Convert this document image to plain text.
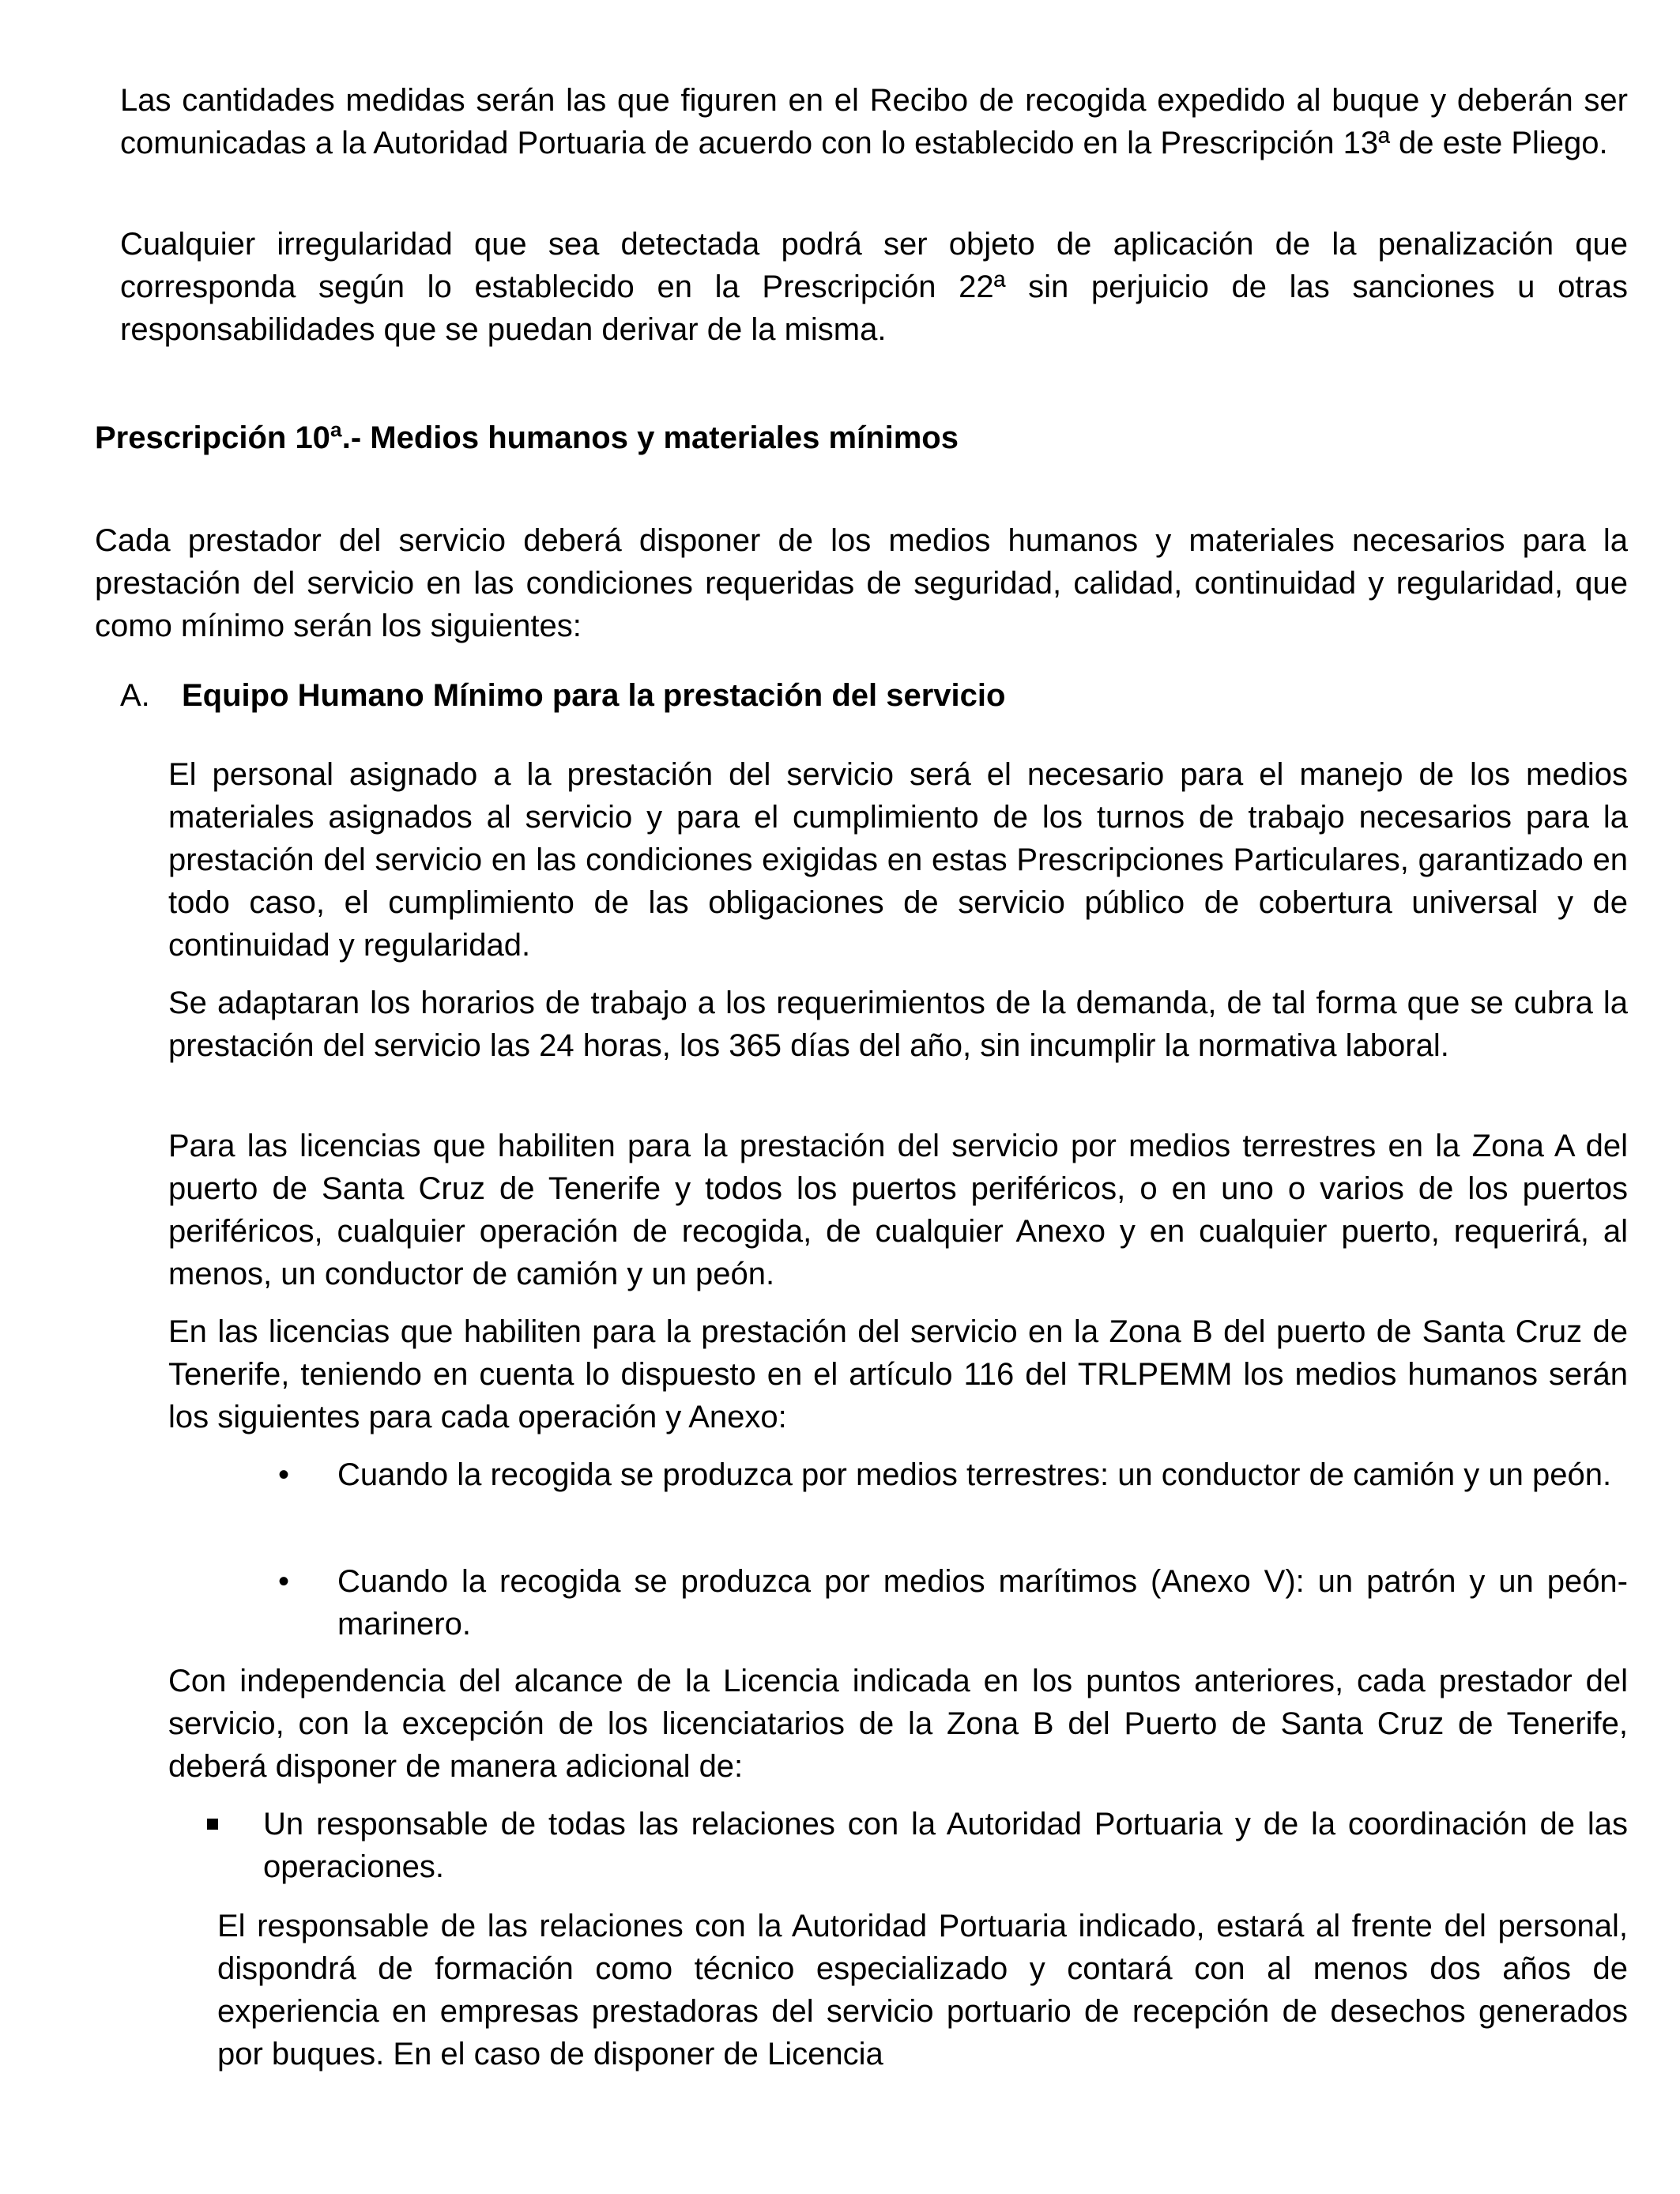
Las cantidades medidas serán las que figuren en el Recibo de recogida expedido al buque y deberán ser comunicadas a la Autoridad Portuaria de acuerdo con lo establecido en la Prescripción 13ª de este Pliego.

Cualquier irregularidad que sea detectada podrá ser objeto de aplicación de la penalización que corresponda según lo establecido en la Prescripción 22ª sin perjuicio de las sanciones u otras responsabilidades que se puedan derivar de la misma.

Prescripción 10ª.- Medios humanos y materiales mínimos

Cada prestador del servicio deberá disponer de los medios humanos y materiales necesarios para la prestación del servicio en las condiciones requeridas de seguridad, calidad, continuidad y regularidad, que como mínimo serán los siguientes:

A. Equipo Humano Mínimo para la prestación del servicio

El personal asignado a la prestación del servicio será el necesario para el manejo de los medios materiales asignados al servicio y para el cumplimiento de los turnos de trabajo necesarios para la prestación del servicio en las condiciones exigidas en estas Prescripciones Particulares, garantizado en todo caso, el cumplimiento de las obligaciones de servicio público de cobertura universal y de continuidad y regularidad.

Se adaptaran los horarios de trabajo a los requerimientos de la demanda, de tal forma que se cubra la prestación del servicio las 24 horas, los 365 días del año, sin incumplir la normativa laboral.

Para las licencias que habiliten para la prestación del servicio por medios terrestres en la Zona A del puerto de Santa Cruz de Tenerife y todos los puertos periféricos, o en uno o varios de los puertos periféricos, cualquier operación de recogida, de cualquier Anexo y en cualquier puerto, requerirá, al menos, un conductor de camión y un peón.

En las licencias que habiliten para la prestación del servicio en la Zona B del puerto de Santa Cruz de Tenerife, teniendo en cuenta lo dispuesto en el artículo 116 del TRLPEMM los medios humanos serán los siguientes para cada operación y Anexo:

• Cuando la recogida se produzca por medios terrestres: un conductor de camión y un peón.

• Cuando la recogida se produzca por medios marítimos (Anexo V): un patrón y un peón-marinero.

Con independencia del alcance de la Licencia indicada en los puntos anteriores, cada prestador del servicio, con la excepción de los licenciatarios de la Zona B del Puerto de Santa Cruz de Tenerife, deberá disponer de manera adicional de:

Un responsable de todas las relaciones con la Autoridad Portuaria y de la coordinación de las operaciones.

El responsable de las relaciones con la Autoridad Portuaria indicado, estará al frente del personal, dispondrá de formación como técnico especializado y contará con al menos dos años de experiencia en empresas prestadoras del servicio portuario de recepción de desechos generados por buques. En el caso de disponer de Licencia
